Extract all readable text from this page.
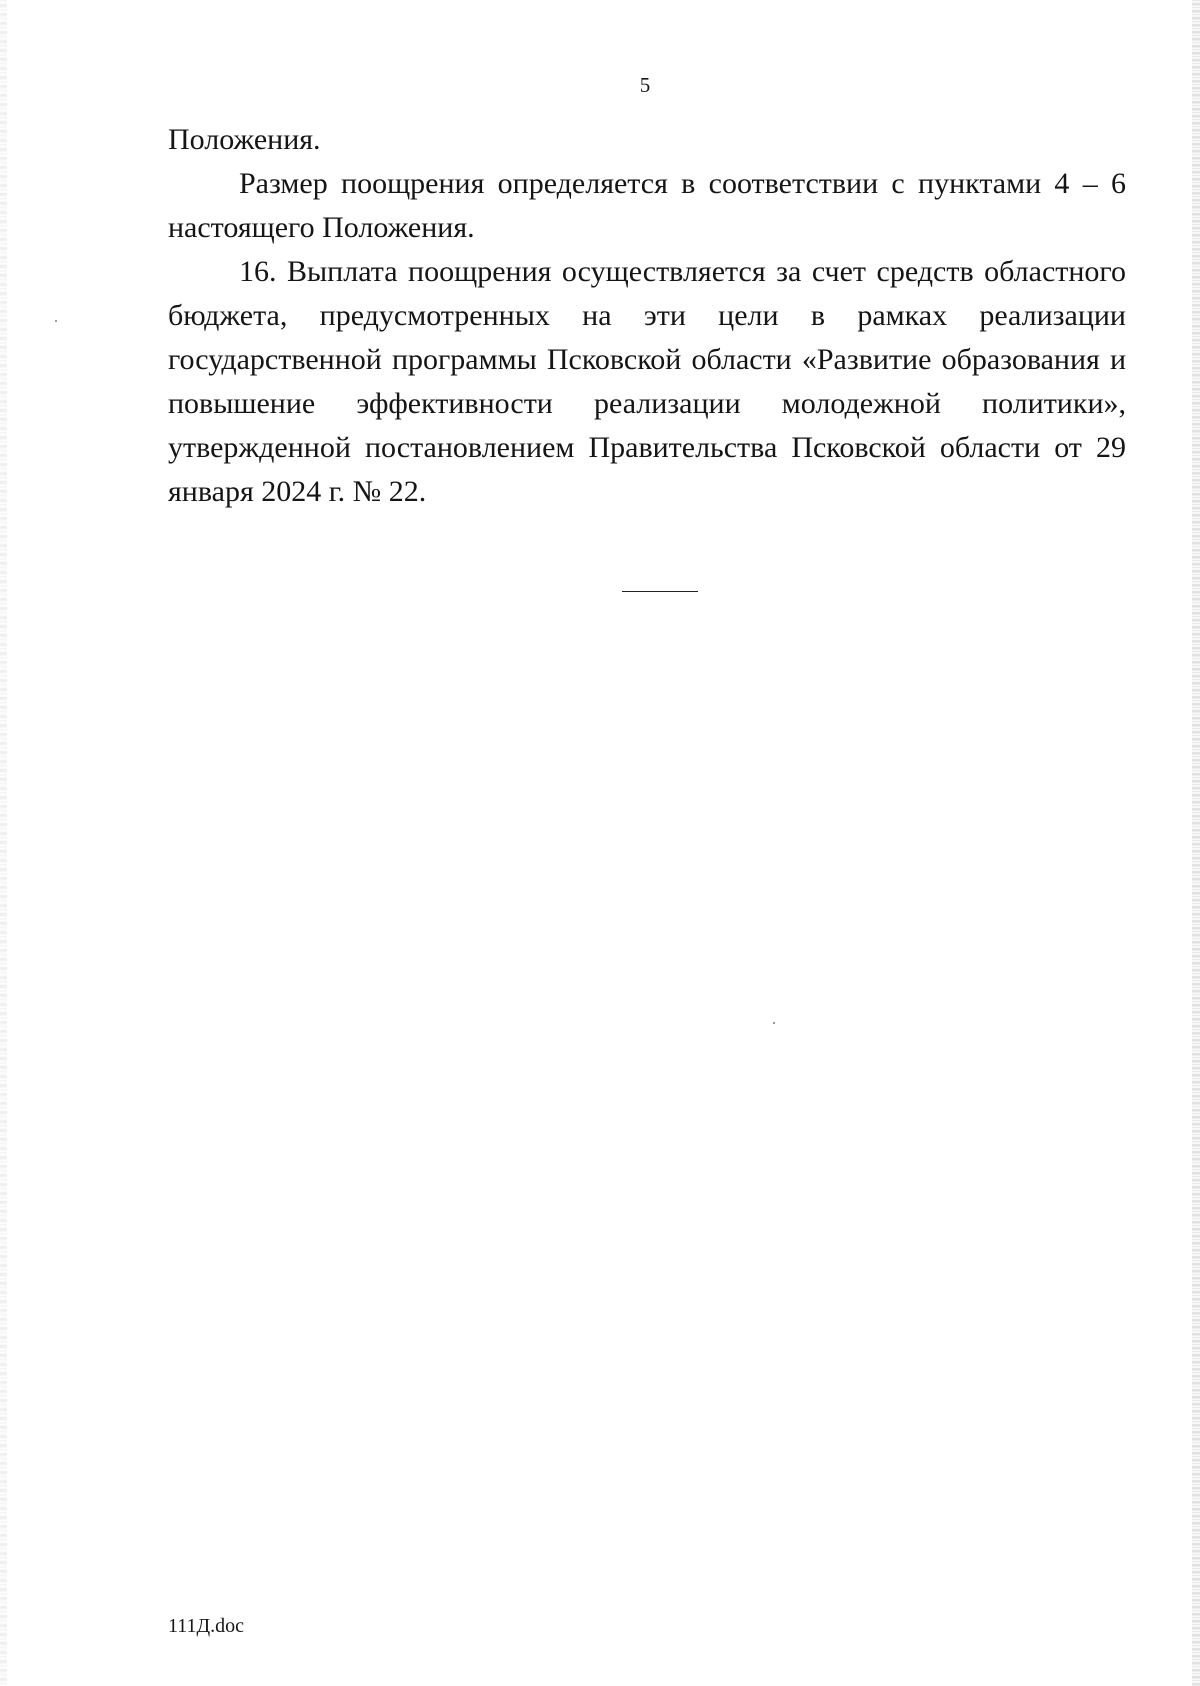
5

Положения.

Размер поощрения определяется в соответствии с пунктами 4 – 6 настоящего Положения.

16. Выплата поощрения осуществляется за счет средств областного бюджета, предусмотренных на эти цели в рамках реализации государственной программы Псковской области «Развитие образования и повышение эффективности реализации молодежной политики», утвержденной постановлением Правительства Псковской области от 29 января 2024 г. № 22.

111Д.doc
